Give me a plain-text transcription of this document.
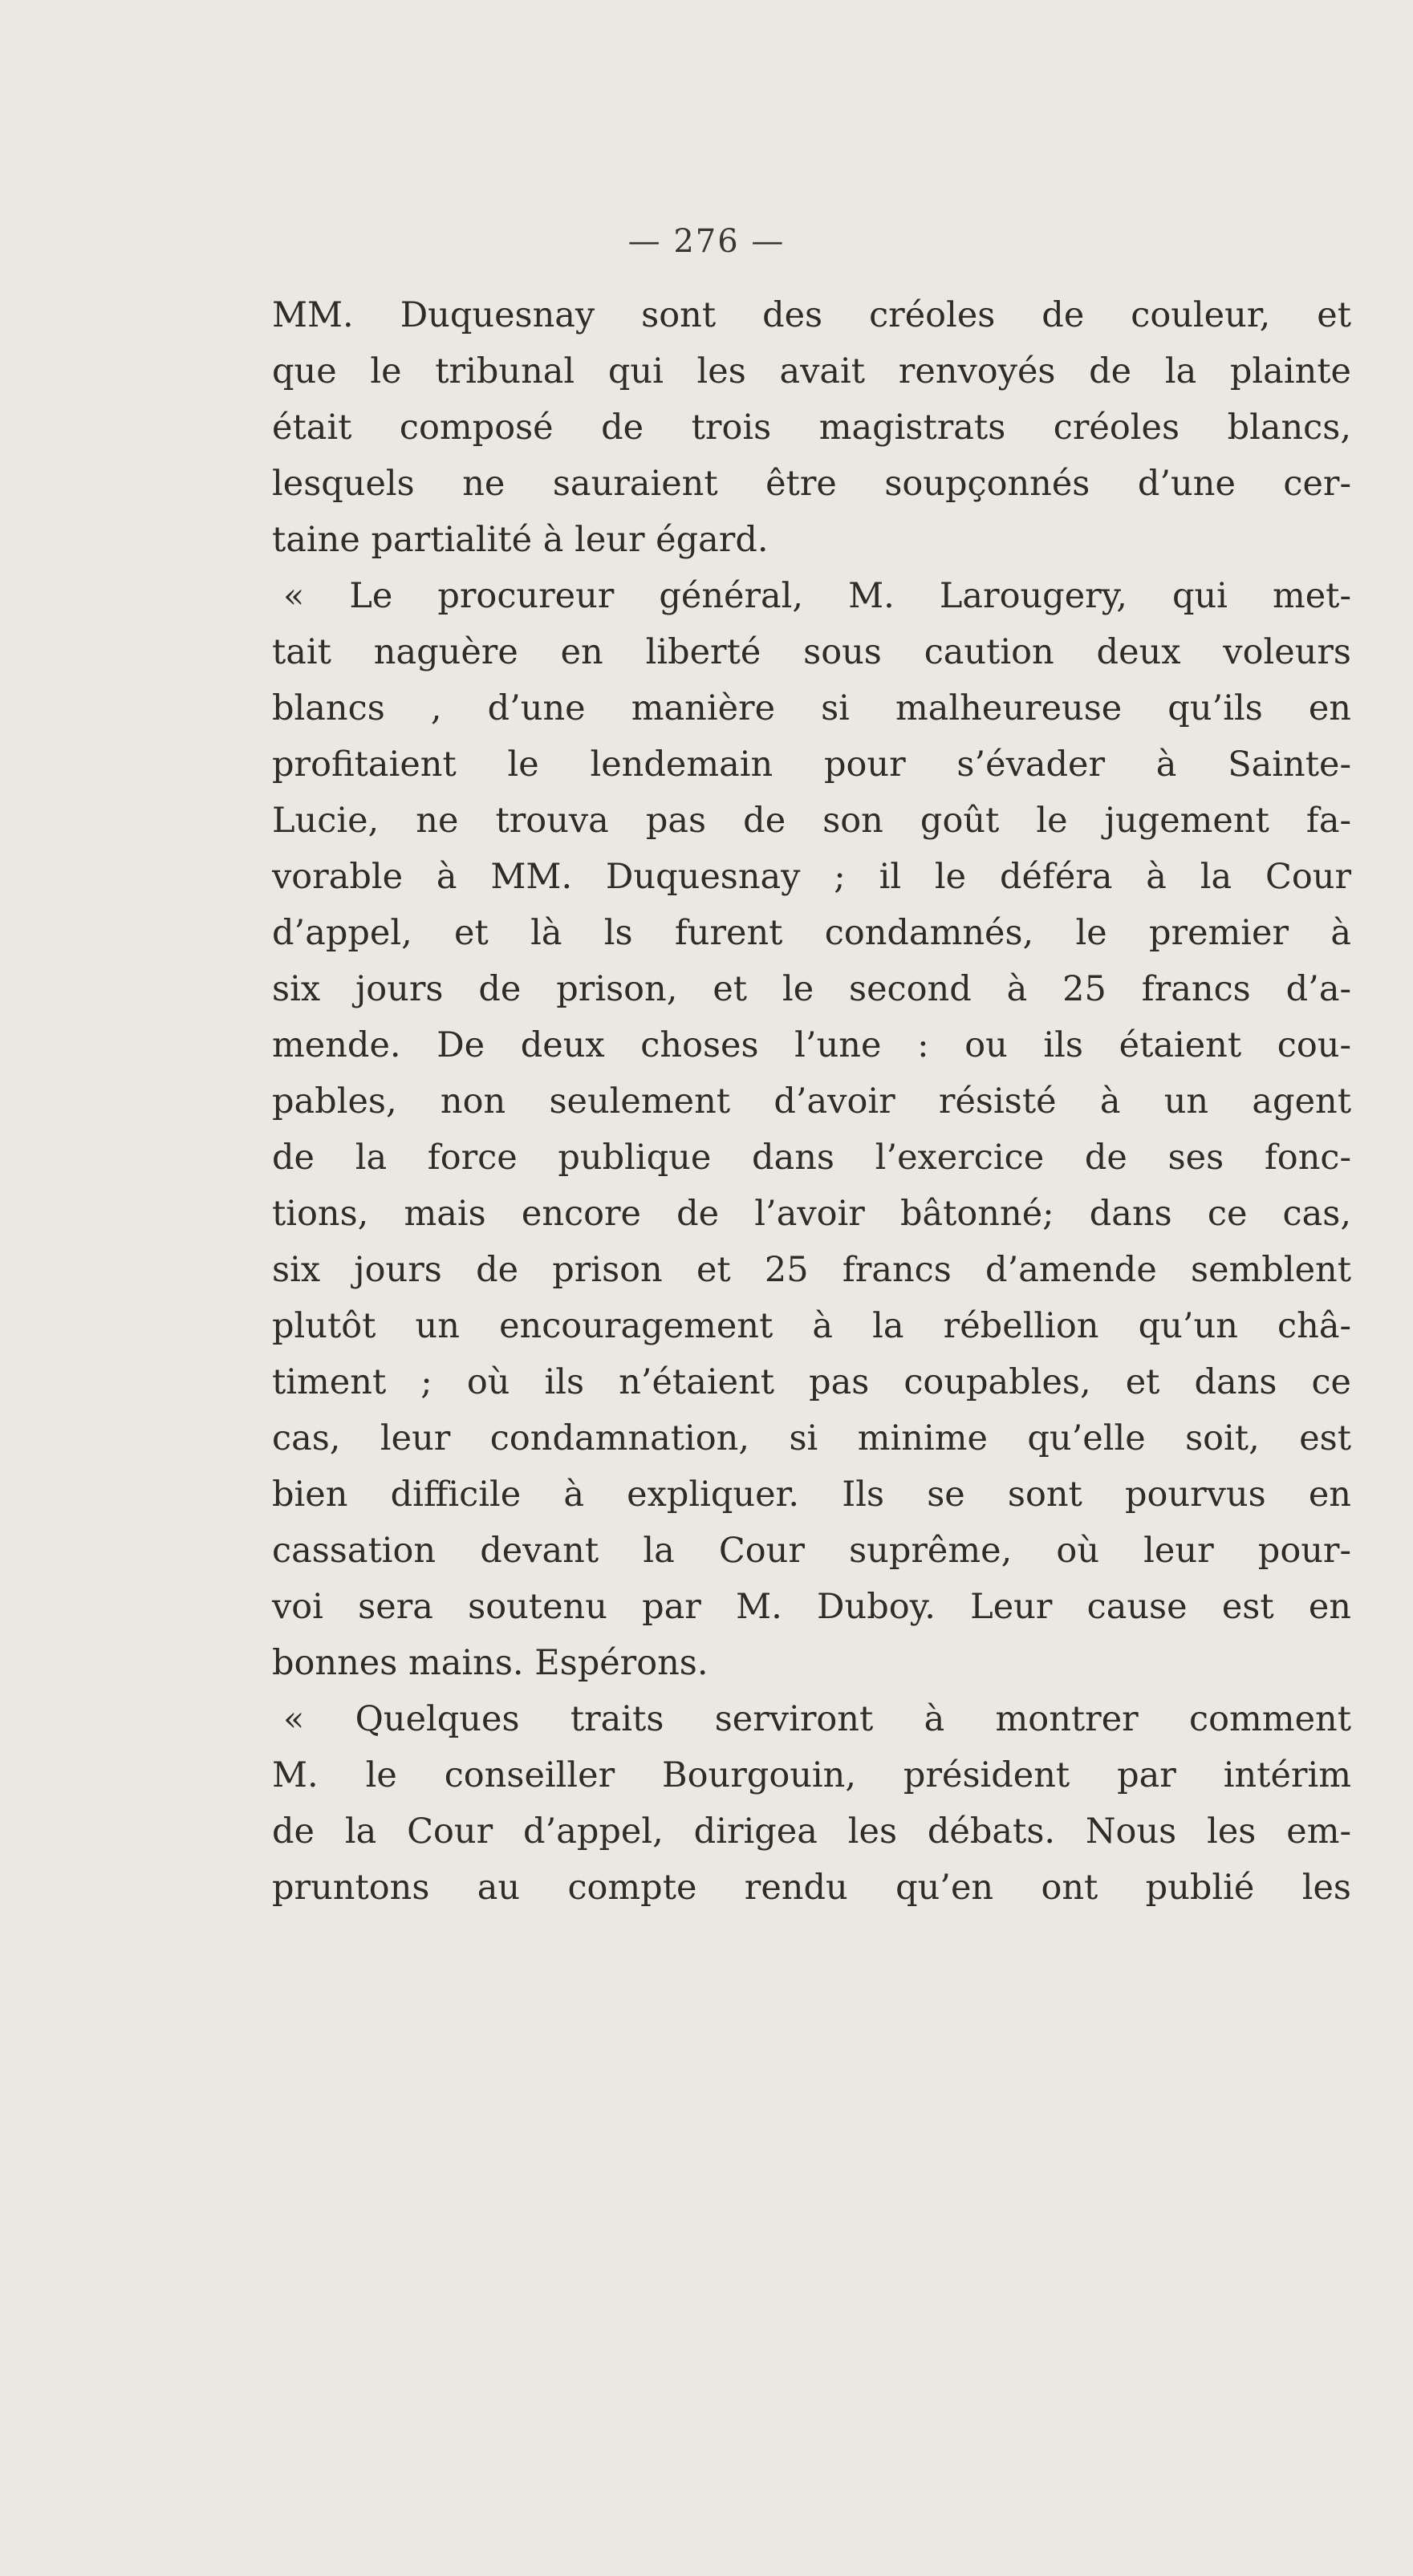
— 276 —
MM. Duquesnay sont des créoles de couleur, et
que le tribunal qui les avait renvoyés de la plainte
était composé de trois magistrats créoles blancs,
lesquels ne sauraient être soupçonnés d’une cer-
taine partialité à leur égard.
« Le procureur général, M. Larougery, qui met-
tait naguère en liberté sous caution deux voleurs
blancs , d’une manière si malheureuse qu’ils en
profitaient le lendemain pour s’évader à Sainte-
Lucie, ne trouva pas de son goût le jugement fa-
vorable à MM. Duquesnay ; il le déféra à la Cour
d’appel, et là ls furent condamnés, le premier à
six jours de prison, et le second à 25 francs d’a-
mende. De deux choses l’une : ou ils étaient cou-
pables, non seulement d’avoir résisté à un agent
de la force publique dans l’exercice de ses fonc-
tions, mais encore de l’avoir bâtonné; dans ce cas,
six jours de prison et 25 francs d’amende semblent
plutôt un encouragement à la rébellion qu’un châ-
timent ; où ils n’étaient pas coupables, et dans ce
cas, leur condamnation, si minime qu’elle soit, est
bien difficile à expliquer. Ils se sont pourvus en
cassation devant la Cour suprême, où leur pour-
voi sera soutenu par M. Duboy. Leur cause est en
bonnes mains. Espérons.
« Quelques traits serviront à montrer comment
M. le conseiller Bourgouin, président par intérim
de la Cour d’appel, dirigea les débats. Nous les em-
pruntons au compte rendu qu’en ont publié les
